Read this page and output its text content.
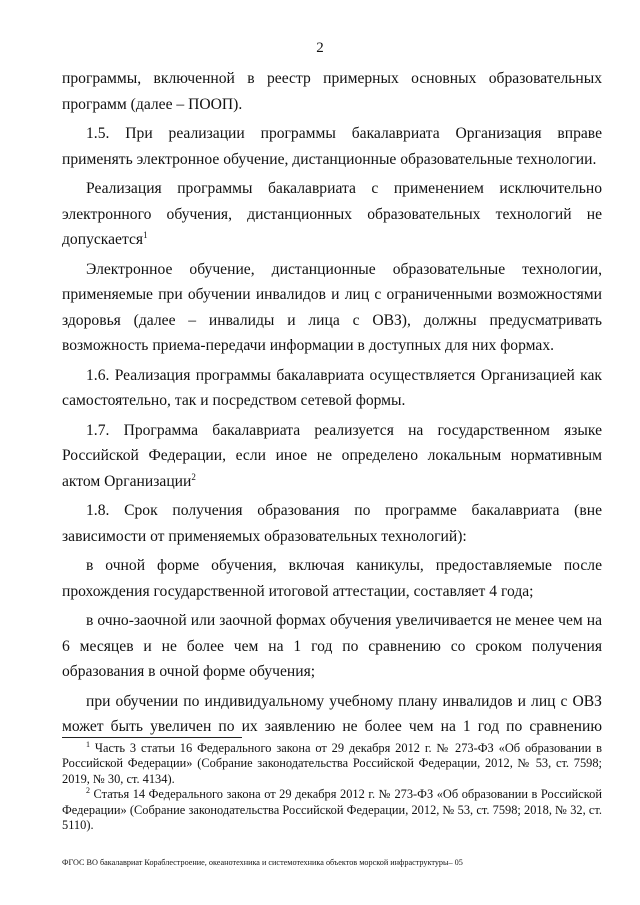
2

программы, включенной в реестр примерных основных образовательных программ (далее – ПООП).

1.5. При реализации программы бакалавриата Организация вправе применять электронное обучение, дистанционные образовательные технологии.

Реализация программы бакалавриата с применением исключительно электронного обучения, дистанционных образовательных технологий не допускается$^1$

Электронное обучение, дистанционные образовательные технологии, применяемые при обучении инвалидов и лиц с ограниченными возможностями здоровья (далее – инвалиды и лица с ОВЗ), должны предусматривать возможность приема-передачи информации в доступных для них формах.

1.6. Реализация программы бакалавриата осуществляется Организацией как самостоятельно, так и посредством сетевой формы.

1.7. Программа бакалавриата реализуется на государственном языке Российской Федерации, если иное не определено локальным нормативным актом Организации$^2$

1.8. Срок получения образования по программе бакалавриата (вне зависимости от применяемых образовательных технологий):

в очной форме обучения, включая каникулы, предоставляемые после прохождения государственной итоговой аттестации, составляет 4 года;

в очно-заочной или заочной формах обучения увеличивается не менее чем на 6 месяцев и не более чем на 1 год по сравнению со сроком получения образования в очной форме обучения;

при обучении по индивидуальному учебному плану инвалидов и лиц с ОВЗ может быть увеличен по их заявлению не более чем на 1 год по сравнению

$^1$ Часть 3 статьи 16 Федерального закона от 29 декабря 2012 г. № 273-ФЗ «Об образовании в Российской Федерации» (Собрание законодательства Российской Федерации, 2012, № 53, ст. 7598; 2019, № 30, ст. 4134).

$^2$ Статья 14 Федерального закона от 29 декабря 2012 г. № 273-ФЗ «Об образовании в Российской Федерации» (Собрание законодательства Российской Федерации, 2012, № 53, ст. 7598; 2018, № 32, ст. 5110).

ФГОС ВО бакалавриат Кораблестроение, океанотехника и системотехника объектов морской инфраструктуры– 05
